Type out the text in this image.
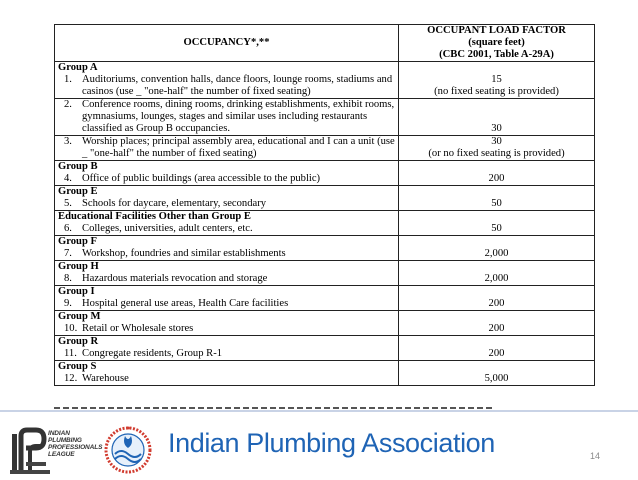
OCCUPANCY*,**	OCCUPANT LOAD FACTOR
(square feet)
(CBC 2001, Table A-29A)

Group A
1. Auditoriums, convention halls, dance floors, lounge rooms, stadiums and casinos (use _ "one-half" the number of fixed seating)	15
(no fixed seating is provided)

2. Conference rooms, dining rooms, drinking establishments, exhibit rooms, gymnasiums, lounges, stages and similar uses including restaurants classified as Group B occupancies.	30

3. Worship places; principal assembly area, educational and I can a unit (use _ "one-half" the number of fixed seating)	30
(or no fixed seating is provided)

Group B
4. Office of public buildings (area accessible to the public)	200

Group E
5. Schools for daycare, elementary, secondary	50

Educational Facilities Other than Group E
6. Colleges, universities, adult centers, etc.	50

Group F
7. Workshop, foundries and similar establishments	2,000

Group H
8. Hazardous materials revocation and storage	2,000

Group I
9. Hospital general use areas, Health Care facilities	200

Group M
10. Retail or Wholesale stores	200

Group R
11. Congregate residents, Group R-1	200

Group S
12. Warehouse	5,000
INDIAN
PLUMBING
PROFESSIONALS
LEAGUE	Indian Plumbing Association	14
